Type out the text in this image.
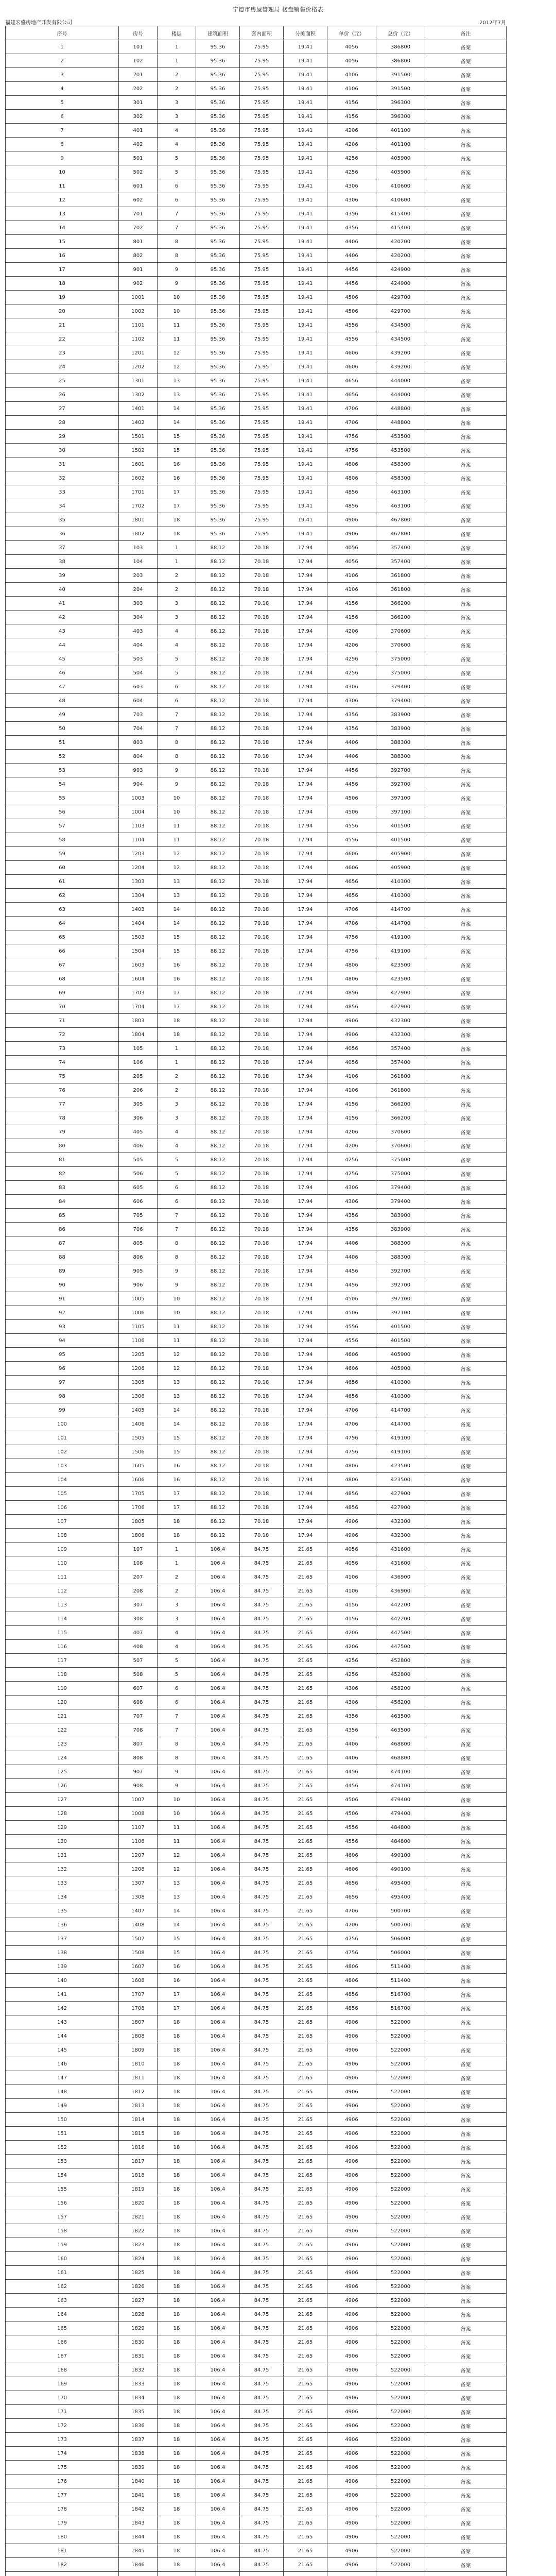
宁德市房屋管理局 楼盘销售价格表
福建宏盛房地产开发有限公司	2012年7月
序号	房号	楼层	建筑面积	套内面积	分摊面积	单价（元）	总价（元）	备注
1	101	1	95.36	75.95	19.41	4056	386800	备案
2	102	1	95.36	75.95	19.41	4056	386800	备案
3	201	2	95.36	75.95	19.41	4106	391500	备案
4	202	2	95.36	75.95	19.41	4106	391500	备案
5	301	3	95.36	75.95	19.41	4156	396300	备案
6	302	3	95.36	75.95	19.41	4156	396300	备案
7	401	4	95.36	75.95	19.41	4206	401100	备案
8	402	4	95.36	75.95	19.41	4206	401100	备案
9	501	5	95.36	75.95	19.41	4256	405900	备案
10	502	5	95.36	75.95	19.41	4256	405900	备案
11	601	6	95.36	75.95	19.41	4306	410600	备案
12	602	6	95.36	75.95	19.41	4306	410600	备案
13	701	7	95.36	75.95	19.41	4356	415400	备案
14	702	7	95.36	75.95	19.41	4356	415400	备案
15	801	8	95.36	75.95	19.41	4406	420200	备案
16	802	8	95.36	75.95	19.41	4406	420200	备案
17	901	9	95.36	75.95	19.41	4456	424900	备案
18	902	9	95.36	75.95	19.41	4456	424900	备案
19	1001	10	95.36	75.95	19.41	4506	429700	备案
20	1002	10	95.36	75.95	19.41	4506	429700	备案
21	1101	11	95.36	75.95	19.41	4556	434500	备案
22	1102	11	95.36	75.95	19.41	4556	434500	备案
23	1201	12	95.36	75.95	19.41	4606	439200	备案
24	1202	12	95.36	75.95	19.41	4606	439200	备案
25	1301	13	95.36	75.95	19.41	4656	444000	备案
26	1302	13	95.36	75.95	19.41	4656	444000	备案
27	1401	14	95.36	75.95	19.41	4706	448800	备案
28	1402	14	95.36	75.95	19.41	4706	448800	备案
29	1501	15	95.36	75.95	19.41	4756	453500	备案
30	1502	15	95.36	75.95	19.41	4756	453500	备案
31	1601	16	95.36	75.95	19.41	4806	458300	备案
32	1602	16	95.36	75.95	19.41	4806	458300	备案
33	1701	17	95.36	75.95	19.41	4856	463100	备案
34	1702	17	95.36	75.95	19.41	4856	463100	备案
35	1801	18	95.36	75.95	19.41	4906	467800	备案
36	1802	18	95.36	75.95	19.41	4906	467800	备案
37	103	1	88.12	70.18	17.94	4056	357400	备案
38	104	1	88.12	70.18	17.94	4056	357400	备案
39	203	2	88.12	70.18	17.94	4106	361800	备案
40	204	2	88.12	70.18	17.94	4106	361800	备案
41	303	3	88.12	70.18	17.94	4156	366200	备案
42	304	3	88.12	70.18	17.94	4156	366200	备案
43	403	4	88.12	70.18	17.94	4206	370600	备案
44	404	4	88.12	70.18	17.94	4206	370600	备案
45	503	5	88.12	70.18	17.94	4256	375000	备案
46	504	5	88.12	70.18	17.94	4256	375000	备案
47	603	6	88.12	70.18	17.94	4306	379400	备案
48	604	6	88.12	70.18	17.94	4306	379400	备案
49	703	7	88.12	70.18	17.94	4356	383900	备案
50	704	7	88.12	70.18	17.94	4356	383900	备案
51	803	8	88.12	70.18	17.94	4406	388300	备案
52	804	8	88.12	70.18	17.94	4406	388300	备案
53	903	9	88.12	70.18	17.94	4456	392700	备案
54	904	9	88.12	70.18	17.94	4456	392700	备案
55	1003	10	88.12	70.18	17.94	4506	397100	备案
56	1004	10	88.12	70.18	17.94	4506	397100	备案
57	1103	11	88.12	70.18	17.94	4556	401500	备案
58	1104	11	88.12	70.18	17.94	4556	401500	备案
59	1203	12	88.12	70.18	17.94	4606	405900	备案
60	1204	12	88.12	70.18	17.94	4606	405900	备案
61	1303	13	88.12	70.18	17.94	4656	410300	备案
62	1304	13	88.12	70.18	17.94	4656	410300	备案
63	1403	14	88.12	70.18	17.94	4706	414700	备案
64	1404	14	88.12	70.18	17.94	4706	414700	备案
65	1503	15	88.12	70.18	17.94	4756	419100	备案
66	1504	15	88.12	70.18	17.94	4756	419100	备案
67	1603	16	88.12	70.18	17.94	4806	423500	备案
68	1604	16	88.12	70.18	17.94	4806	423500	备案
69	1703	17	88.12	70.18	17.94	4856	427900	备案
70	1704	17	88.12	70.18	17.94	4856	427900	备案
71	1803	18	88.12	70.18	17.94	4906	432300	备案
72	1804	18	88.12	70.18	17.94	4906	432300	备案
73	105	1	88.12	70.18	17.94	4056	357400	备案
74	106	1	88.12	70.18	17.94	4056	357400	备案
75	205	2	88.12	70.18	17.94	4106	361800	备案
76	206	2	88.12	70.18	17.94	4106	361800	备案
77	305	3	88.12	70.18	17.94	4156	366200	备案
78	306	3	88.12	70.18	17.94	4156	366200	备案
79	405	4	88.12	70.18	17.94	4206	370600	备案
80	406	4	88.12	70.18	17.94	4206	370600	备案
81	505	5	88.12	70.18	17.94	4256	375000	备案
82	506	5	88.12	70.18	17.94	4256	375000	备案
83	605	6	88.12	70.18	17.94	4306	379400	备案
84	606	6	88.12	70.18	17.94	4306	379400	备案
85	705	7	88.12	70.18	17.94	4356	383900	备案
86	706	7	88.12	70.18	17.94	4356	383900	备案
87	805	8	88.12	70.18	17.94	4406	388300	备案
88	806	8	88.12	70.18	17.94	4406	388300	备案
89	905	9	88.12	70.18	17.94	4456	392700	备案
90	906	9	88.12	70.18	17.94	4456	392700	备案
91	1005	10	88.12	70.18	17.94	4506	397100	备案
92	1006	10	88.12	70.18	17.94	4506	397100	备案
93	1105	11	88.12	70.18	17.94	4556	401500	备案
94	1106	11	88.12	70.18	17.94	4556	401500	备案
95	1205	12	88.12	70.18	17.94	4606	405900	备案
96	1206	12	88.12	70.18	17.94	4606	405900	备案
97	1305	13	88.12	70.18	17.94	4656	410300	备案
98	1306	13	88.12	70.18	17.94	4656	410300	备案
99	1405	14	88.12	70.18	17.94	4706	414700	备案
100	1406	14	88.12	70.18	17.94	4706	414700	备案
101	1505	15	88.12	70.18	17.94	4756	419100	备案
102	1506	15	88.12	70.18	17.94	4756	419100	备案
103	1605	16	88.12	70.18	17.94	4806	423500	备案
104	1606	16	88.12	70.18	17.94	4806	423500	备案
105	1705	17	88.12	70.18	17.94	4856	427900	备案
106	1706	17	88.12	70.18	17.94	4856	427900	备案
107	1805	18	88.12	70.18	17.94	4906	432300	备案
108	1806	18	88.12	70.18	17.94	4906	432300	备案
109	107	1	106.4	84.75	21.65	4056	431600	备案
110	108	1	106.4	84.75	21.65	4056	431600	备案
111	207	2	106.4	84.75	21.65	4106	436900	备案
112	208	2	106.4	84.75	21.65	4106	436900	备案
113	307	3	106.4	84.75	21.65	4156	442200	备案
114	308	3	106.4	84.75	21.65	4156	442200	备案
115	407	4	106.4	84.75	21.65	4206	447500	备案
116	408	4	106.4	84.75	21.65	4206	447500	备案
117	507	5	106.4	84.75	21.65	4256	452800	备案
118	508	5	106.4	84.75	21.65	4256	452800	备案
119	607	6	106.4	84.75	21.65	4306	458200	备案
120	608	6	106.4	84.75	21.65	4306	458200	备案
121	707	7	106.4	84.75	21.65	4356	463500	备案
122	708	7	106.4	84.75	21.65	4356	463500	备案
123	807	8	106.4	84.75	21.65	4406	468800	备案
124	808	8	106.4	84.75	21.65	4406	468800	备案
125	907	9	106.4	84.75	21.65	4456	474100	备案
126	908	9	106.4	84.75	21.65	4456	474100	备案
127	1007	10	106.4	84.75	21.65	4506	479400	备案
128	1008	10	106.4	84.75	21.65	4506	479400	备案
129	1107	11	106.4	84.75	21.65	4556	484800	备案
130	1108	11	106.4	84.75	21.65	4556	484800	备案
131	1207	12	106.4	84.75	21.65	4606	490100	备案
132	1208	12	106.4	84.75	21.65	4606	490100	备案
133	1307	13	106.4	84.75	21.65	4656	495400	备案
134	1308	13	106.4	84.75	21.65	4656	495400	备案
135	1407	14	106.4	84.75	21.65	4706	500700	备案
136	1408	14	106.4	84.75	21.65	4706	500700	备案
137	1507	15	106.4	84.75	21.65	4756	506000	备案
138	1508	15	106.4	84.75	21.65	4756	506000	备案
139	1607	16	106.4	84.75	21.65	4806	511400	备案
140	1608	16	106.4	84.75	21.65	4806	511400	备案
141	1707	17	106.4	84.75	21.65	4856	516700	备案
142	1708	17	106.4	84.75	21.65	4856	516700	备案
143	1807	18	106.4	84.75	21.65	4906	522000	备案
144	1808	18	106.4	84.75	21.65	4906	522000	备案
145	1809	18	106.4	84.75	21.65	4906	522000	备案
146	1810	18	106.4	84.75	21.65	4906	522000	备案
147	1811	18	106.4	84.75	21.65	4906	522000	备案
148	1812	18	106.4	84.75	21.65	4906	522000	备案
149	1813	18	106.4	84.75	21.65	4906	522000	备案
150	1814	18	106.4	84.75	21.65	4906	522000	备案
151	1815	18	106.4	84.75	21.65	4906	522000	备案
152	1816	18	106.4	84.75	21.65	4906	522000	备案
153	1817	18	106.4	84.75	21.65	4906	522000	备案
154	1818	18	106.4	84.75	21.65	4906	522000	备案
155	1819	18	106.4	84.75	21.65	4906	522000	备案
156	1820	18	106.4	84.75	21.65	4906	522000	备案
157	1821	18	106.4	84.75	21.65	4906	522000	备案
158	1822	18	106.4	84.75	21.65	4906	522000	备案
159	1823	18	106.4	84.75	21.65	4906	522000	备案
160	1824	18	106.4	84.75	21.65	4906	522000	备案
161	1825	18	106.4	84.75	21.65	4906	522000	备案
162	1826	18	106.4	84.75	21.65	4906	522000	备案
163	1827	18	106.4	84.75	21.65	4906	522000	备案
164	1828	18	106.4	84.75	21.65	4906	522000	备案
165	1829	18	106.4	84.75	21.65	4906	522000	备案
166	1830	18	106.4	84.75	21.65	4906	522000	备案
167	1831	18	106.4	84.75	21.65	4906	522000	备案
168	1832	18	106.4	84.75	21.65	4906	522000	备案
169	1833	18	106.4	84.75	21.65	4906	522000	备案
170	1834	18	106.4	84.75	21.65	4906	522000	备案
171	1835	18	106.4	84.75	21.65	4906	522000	备案
172	1836	18	106.4	84.75	21.65	4906	522000	备案
173	1837	18	106.4	84.75	21.65	4906	522000	备案
174	1838	18	106.4	84.75	21.65	4906	522000	备案
175	1839	18	106.4	84.75	21.65	4906	522000	备案
176	1840	18	106.4	84.75	21.65	4906	522000	备案
177	1841	18	106.4	84.75	21.65	4906	522000	备案
178	1842	18	106.4	84.75	21.65	4906	522000	备案
179	1843	18	106.4	84.75	21.65	4906	522000	备案
180	1844	18	106.4	84.75	21.65	4906	522000	备案
181	1845	18	106.4	84.75	21.65	4906	522000	备案
182	1846	18	106.4	84.75	21.65	4906	522000	备案
